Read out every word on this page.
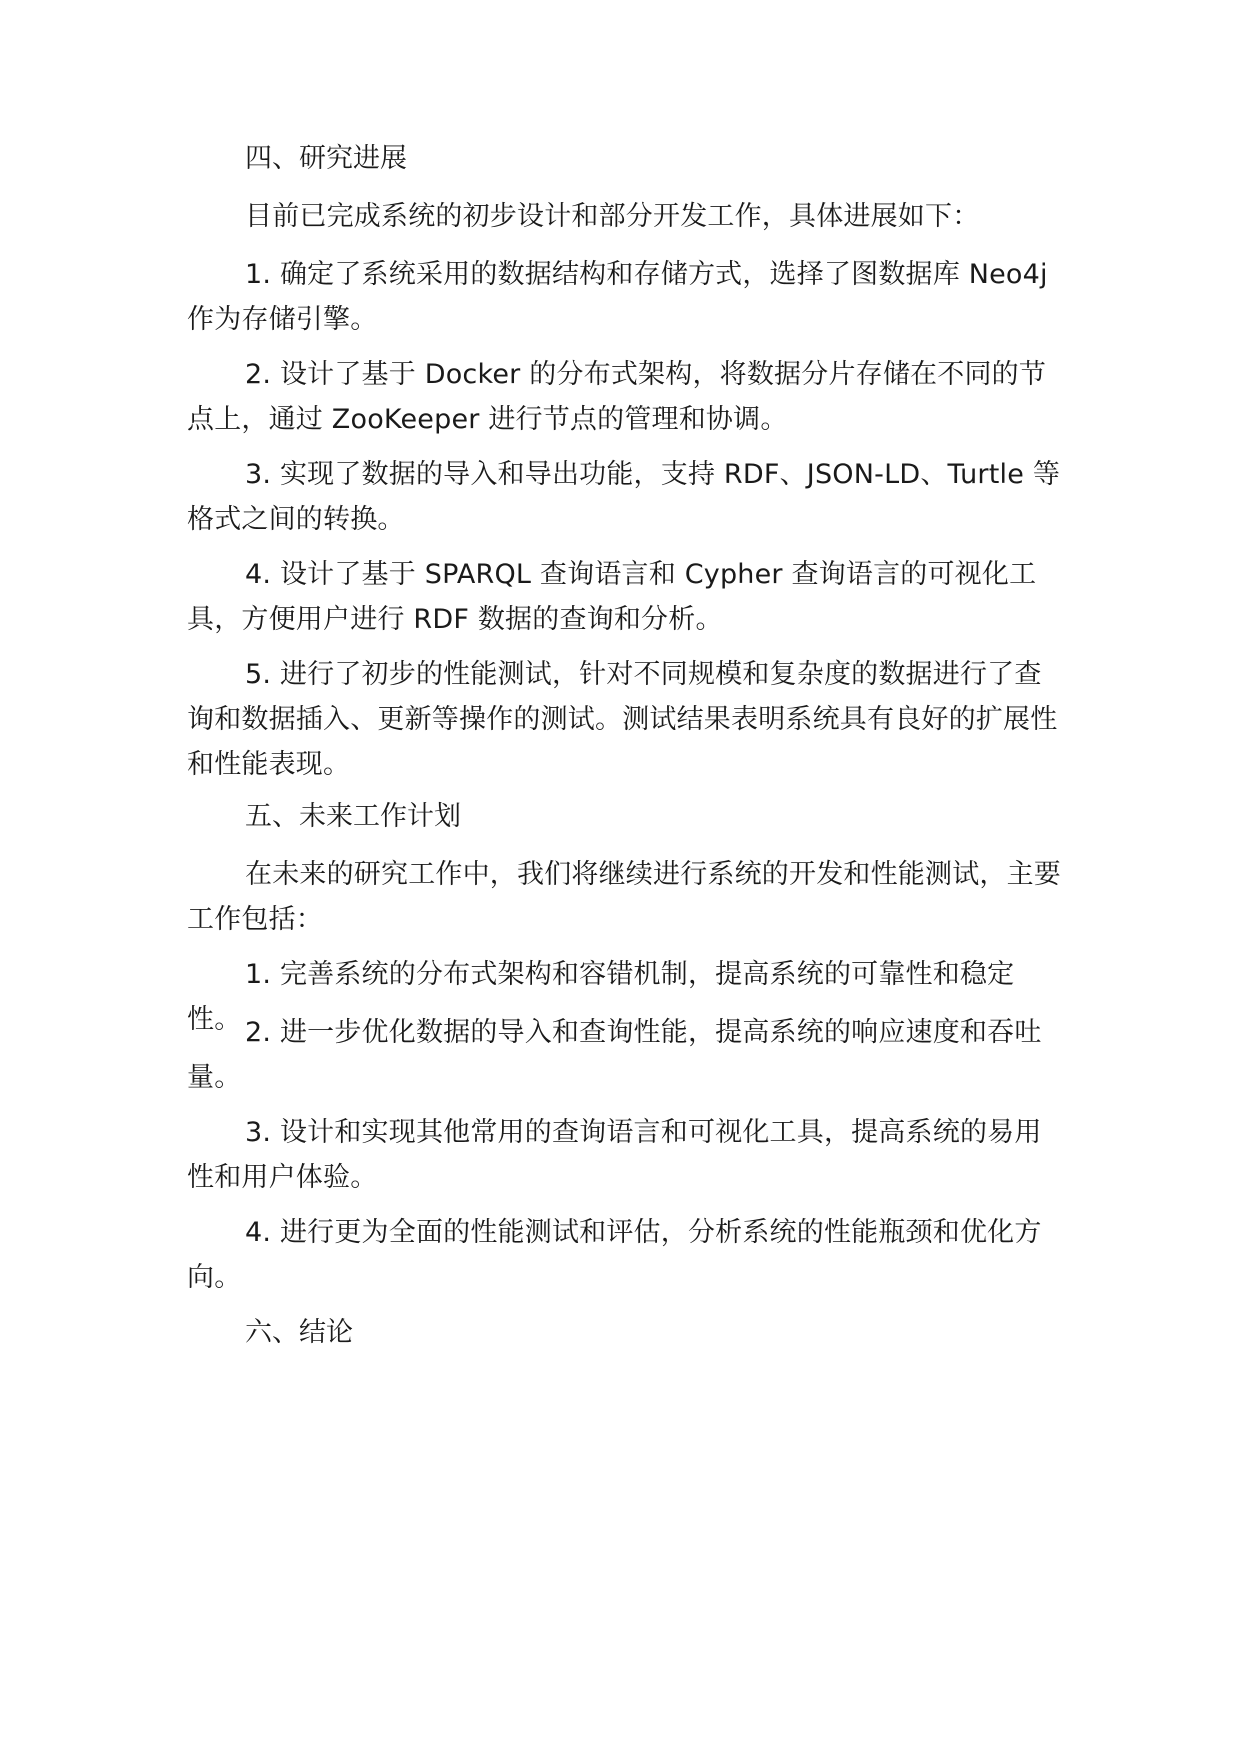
四、研究进展

目前已完成系统的初步设计和部分开发工作，具体进展如下：

1. 确定了系统采用的数据结构和存储方式，选择了图数据库 Neo4j 作为存储引擎。

2. 设计了基于 Docker 的分布式架构，将数据分片存储在不同的节点上，通过 ZooKeeper 进行节点的管理和协调。

3. 实现了数据的导入和导出功能，支持 RDF、JSON-LD、Turtle 等格式之间的转换。

4. 设计了基于 SPARQL 查询语言和 Cypher 查询语言的可视化工具，方便用户进行 RDF 数据的查询和分析。

5. 进行了初步的性能测试，针对不同规模和复杂度的数据进行了查询和数据插入、更新等操作的测试。测试结果表明系统具有良好的扩展性和性能表现。

五、未来工作计划

在未来的研究工作中，我们将继续进行系统的开发和性能测试，主要工作包括：

1. 完善系统的分布式架构和容错机制，提高系统的可靠性和稳定性。 2. 进一步优化数据的导入和查询性能，提高系统的响应速度和吞吐量。

3. 设计和实现其他常用的查询语言和可视化工具，提高系统的易用性和用户体验。

4. 进行更为全面的性能测试和评估，分析系统的性能瓶颈和优化方向。

六、结论
